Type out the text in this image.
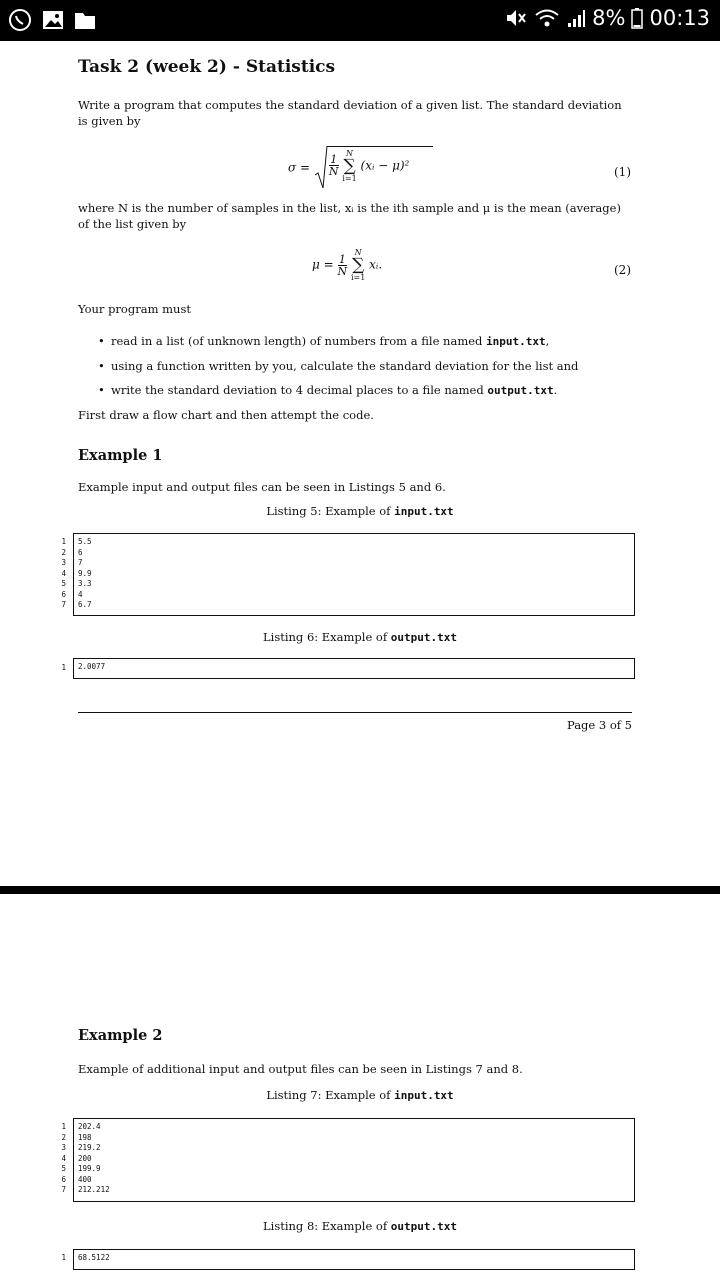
8% 00:13
Task 2 (week 2) - Statistics

Write a program that computes the standard deviation of a given list. The standard deviation is given by

$\sigma = \frac{1}{N}$

N
∑
i=1
(xᵢ − μ)²	(1)

where N is the number of samples in the list, xᵢ is the ith sample and μ is the mean (average) of the list given by

$\mu = \frac{1}{N}$

N
∑
i=1
xᵢ.	(2)

Your program must

• read in a list (of unknown length) of numbers from a file named input.txt,
• using a function written by you, calculate the standard deviation for the list and
• write the standard deviation to 4 decimal places to a file named output.txt.

First draw a flow chart and then attempt the code.

Example 1

Example input and output files can be seen in Listings 5 and 6.

Listing 5: Example of input.txt
1
2
3
4
5
6
7
5.5
6
7
9.9
3.3
4
6.7
Listing 6: Example of output.txt
1 2.0077
Page 3 of 5
Example 2

Example of additional input and output files can be seen in Listings 7 and 8.

Listing 7: Example of input.txt
1
2
3
4
5
6
7
202.4
198
219.2
200
199.9
400
212.212
Listing 8: Example of output.txt
1 68.5122
